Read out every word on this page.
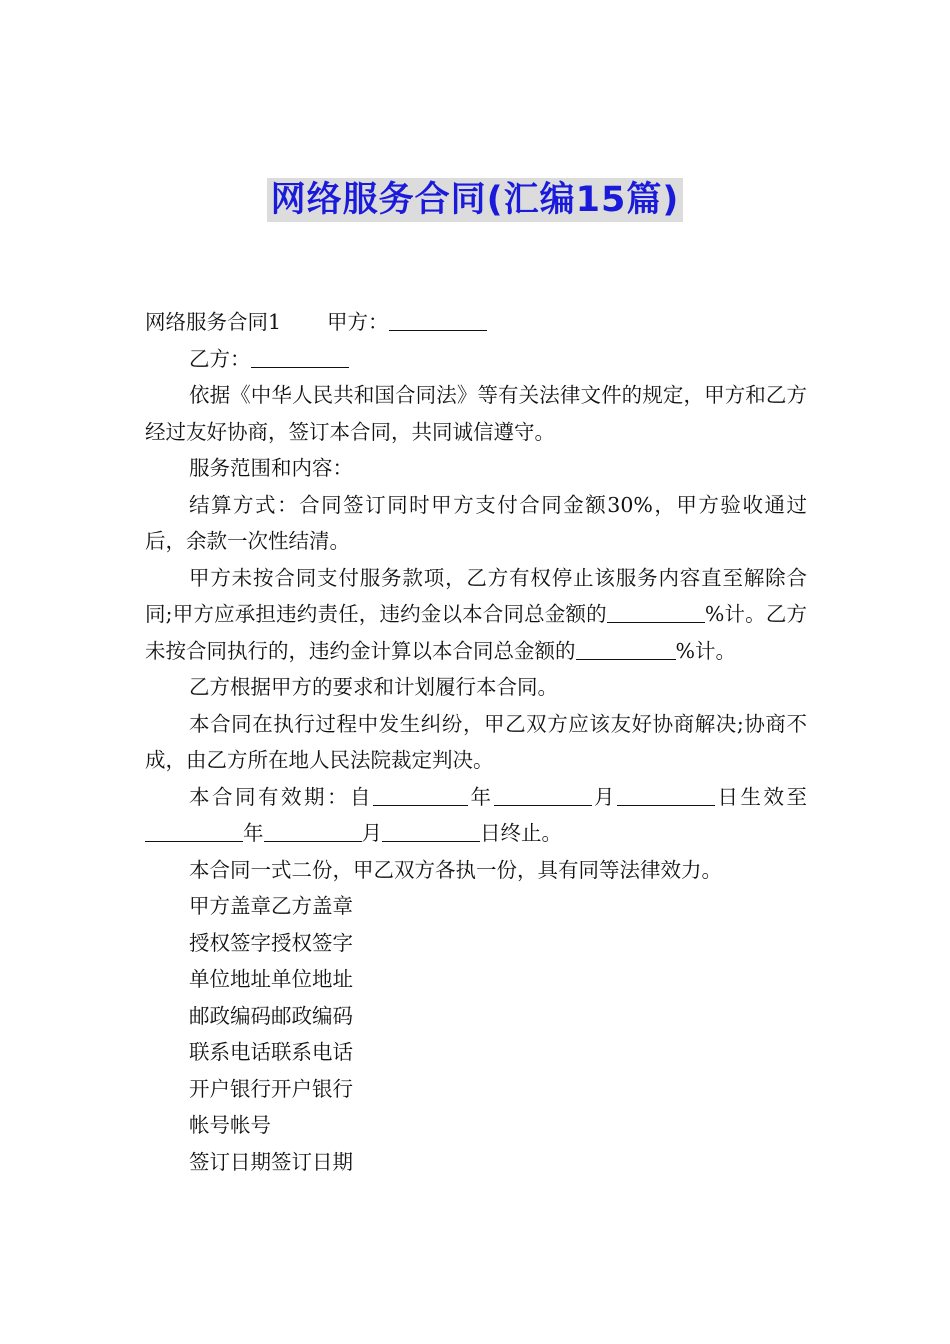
网络服务合同(汇编15篇)

网络服务合同1 甲方：

乙方：

依据《中华人民共和国合同法》等有关法律文件的规定，甲方和乙方经过友好协商，签订本合同，共同诚信遵守。

服务范围和内容：

结算方式：合同签订同时甲方支付合同金额30%，甲方验收通过后，余款一次性结清。

甲方未按合同支付服务款项，乙方有权停止该服务内容直至解除合同;甲方应承担违约责任，违约金以本合同总金额的	%计。乙方未按合同执行的，违约金计算以本合同总金额的	%计。

乙方根据甲方的要求和计划履行本合同。

本合同在执行过程中发生纠纷，甲乙双方应该友好协商解决;协商不成，由乙方所在地人民法院裁定判决。

本合同有效期：自	年	月	日生效至年	月	日终止。

本合同一式二份，甲乙双方各执一份，具有同等法律效力。

甲方盖章乙方盖章

授权签字授权签字

单位地址单位地址

邮政编码邮政编码

联系电话联系电话

开户银行开户银行

帐号帐号

签订日期签订日期
